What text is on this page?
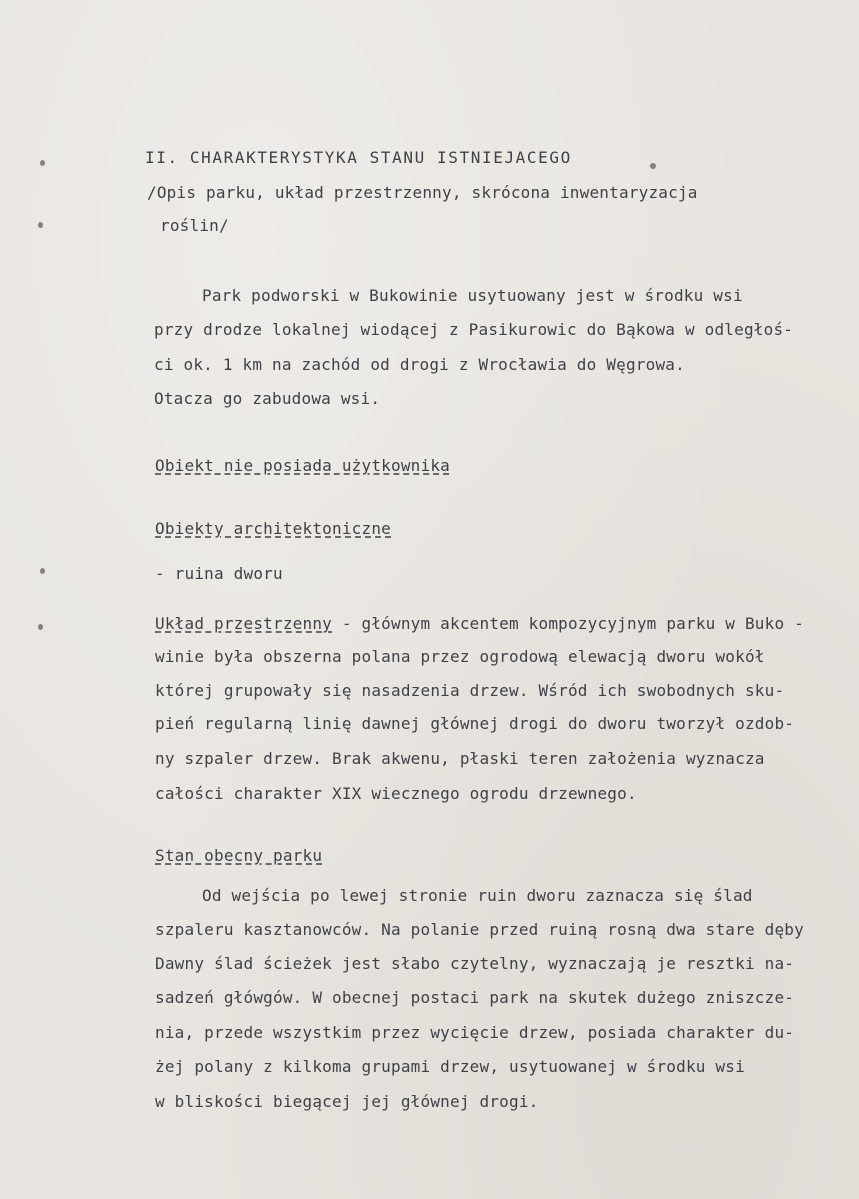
II. CHARAKTERYSTYKA STANU ISTNIEJACEGO
/Opis parku, układ przestrzenny, skrócona inwentaryzacja
roślin/
Park podworski w Bukowinie usytuowany jest w środku wsi
przy drodze lokalnej wiodącej z Pasikurowic do Bąkowa w odległoś-
ci ok. 1 km na zachód od drogi z Wrocławia do Węgrowa.
Otacza go zabudowa wsi.
Obiekt nie posiada użytkownika
Obiekty architektoniczne
- ruina dworu
Układ przestrzenny - głównym akcentem kompozycyjnym parku w Buko -
winie była obszerna polana przez ogrodową elewacją dworu wokół
której grupowały się nasadzenia drzew. Wśród ich swobodnych sku-
pień regularną linię dawnej głównej drogi do dworu tworzył ozdob-
ny szpaler drzew. Brak akwenu, płaski teren założenia wyznacza
całości charakter XIX wiecznego ogrodu drzewnego.
Stan obecny parku
Od wejścia po lewej stronie ruin dworu zaznacza się ślad
szpaleru kasztanowców. Na polanie przed ruiną rosną dwa stare dęby
Dawny ślad ścieżek jest słabo czytelny, wyznaczają je resztki na-
sadzeń główgów. W obecnej postaci park na skutek dużego zniszcze-
nia, przede wszystkim przez wycięcie drzew, posiada charakter du-
żej polany z kilkoma grupami drzew, usytuowanej w środku wsi
w bliskości biegącej jej głównej drogi.
